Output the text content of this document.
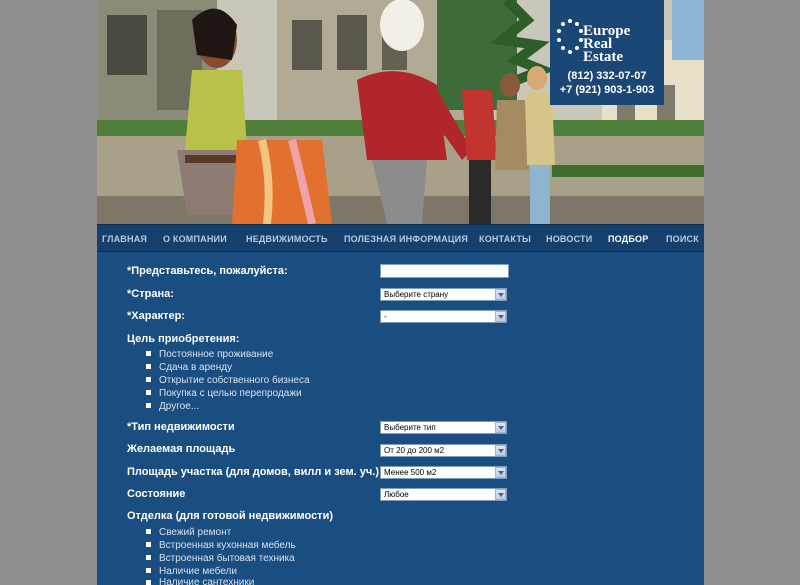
Europe
Real
Estate
(812) 332-07-07
+7 (921) 903-1-903
ГЛАВНАЯ О КОМПАНИИ НЕДВИЖИМОСТЬ ПОЛЕЗНАЯ ИНФОРМАЦИЯ КОНТАКТЫ НОВОСТИ ПОДБОР ПОИСК
*Представьтесь, пожалуйста:
*Страна:	Выберите страну
*Характер:	-
Цель приобретения:
Постоянное проживание
Сдача в аренду
Открытие собственного бизнеса
Покупка с целью перепродажи
Другое...
*Тип недвижимости	Выберите тип
Желаемая площадь	От 20 до 200 м2
Площадь участка (для домов, вилл и зем. уч.) Менее 500 м2
Состояние	Любое
Отделка (для готовой недвижимости)
Свежий ремонт
Встроенная кухонная мебель
Встроенная бытовая техника
Наличие мебели
Наличие сантехники
